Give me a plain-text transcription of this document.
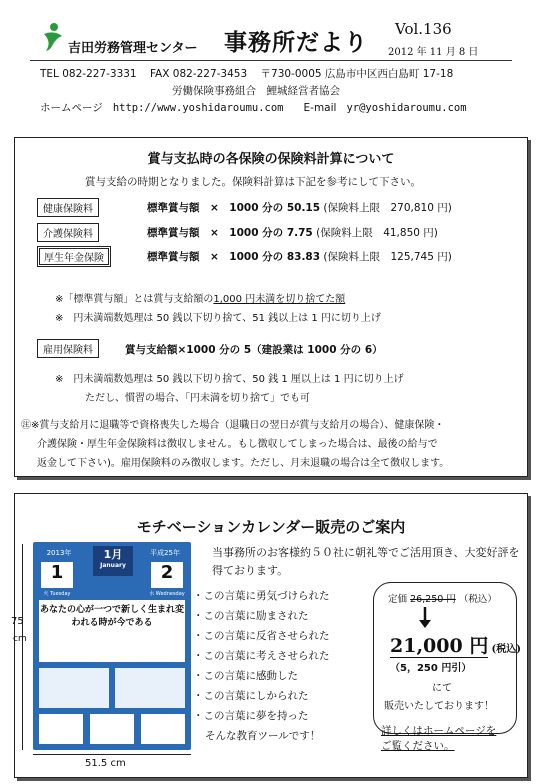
吉田労務管理センター 事務所だより
Vol.136
2012 年 11 月 8 日
TEL 082-227-3331 FAX 082-227-3453 〒730-0005 広島市中区西白島町 17-18
労働保険事務組合　鯉城経営者協会
ホームページ http://www.yoshidaroumu.com E-mail yr@yoshidaroumu.com
賞与支払時の各保険の保険料計算について
賞与支給の時期となりました。保険料計算は下記を参考にして下さい。
健康保険料	標準賞与額　×　1000 分の 50.15 (保険料上限　270,810 円)
介護保険料	標準賞与額　×　1000 分の 7.75 (保険料上限　41,850 円)
厚生年金保険	標準賞与額　×　1000 分の 83.83 (保険料上限　125,745 円)
※「標準賞与額」とは賞与支給額の1,000 円未満を切り捨てた額
※　円未満端数処理は 50 銭以下切り捨て、51 銭以上は 1 円に切り上げ
雇用保険料	賞与支給額×1000 分の 5（建設業は 1000 分の 6）
※　円未満端数処理は 50 銭以下切り捨て、50 銭 1 厘以上は 1 円に切り上げ
ただし、慣習の場合、「円未満を切り捨て」でも可
㊟※賞与支給月に退職等で資格喪失した場合（退職日の翌日が賞与支給月の場合）、健康保険・
介護保険・厚生年金保険料は徴収しません。もし徴収してしまった場合は、最後の給与で
返金して下さい)。雇用保険料のみ徴収します。ただし、月末退職の場合は全て徴収します。
モチベーションカレンダー販売のご案内
2013年	1月
January
平成25年
1	2
火 Tuesday	水 Wednesday
あなたの心が一つで新しく生まれ変われる時が今である
75
cm
51.5 cm
当事務所のお客様約５０社に朝礼等でご活用頂き、大変好評を得ております。
・この言葉に勇気づけられた
・この言葉に励まされた
・この言葉に反省させられた
・この言葉に考えさせられた
・この言葉に感動した
・この言葉にしかられた
・この言葉に夢を持った
そんな教育ツールです！
定価 26,250 円 （税込）
21,000 円 (税込)
（5，250 円引）
にて
販売いたしております！
詳しくはホームページを
ご覧ください。
